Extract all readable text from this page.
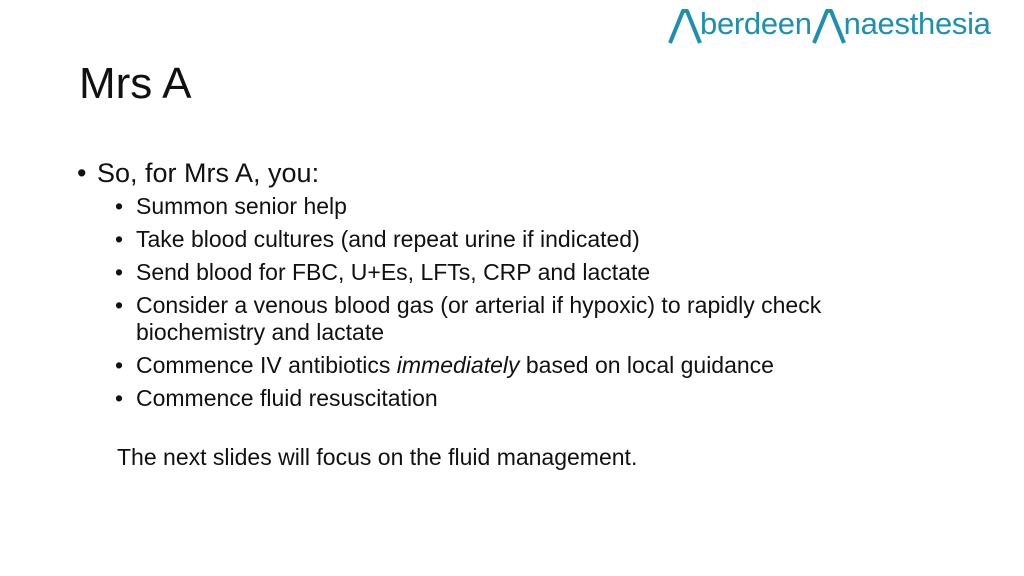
berdeen naesthesia
Mrs A
• So, for Mrs A, you:
• Summon senior help
• Take blood cultures (and repeat urine if indicated)
• Send blood for FBC, U+Es, LFTs, CRP and lactate
• Consider a venous blood gas (or arterial if hypoxic) to rapidly check biochemistry and lactate
• Commence IV antibiotics immediately based on local guidance
• Commence fluid resuscitation
The next slides will focus on the fluid management.
